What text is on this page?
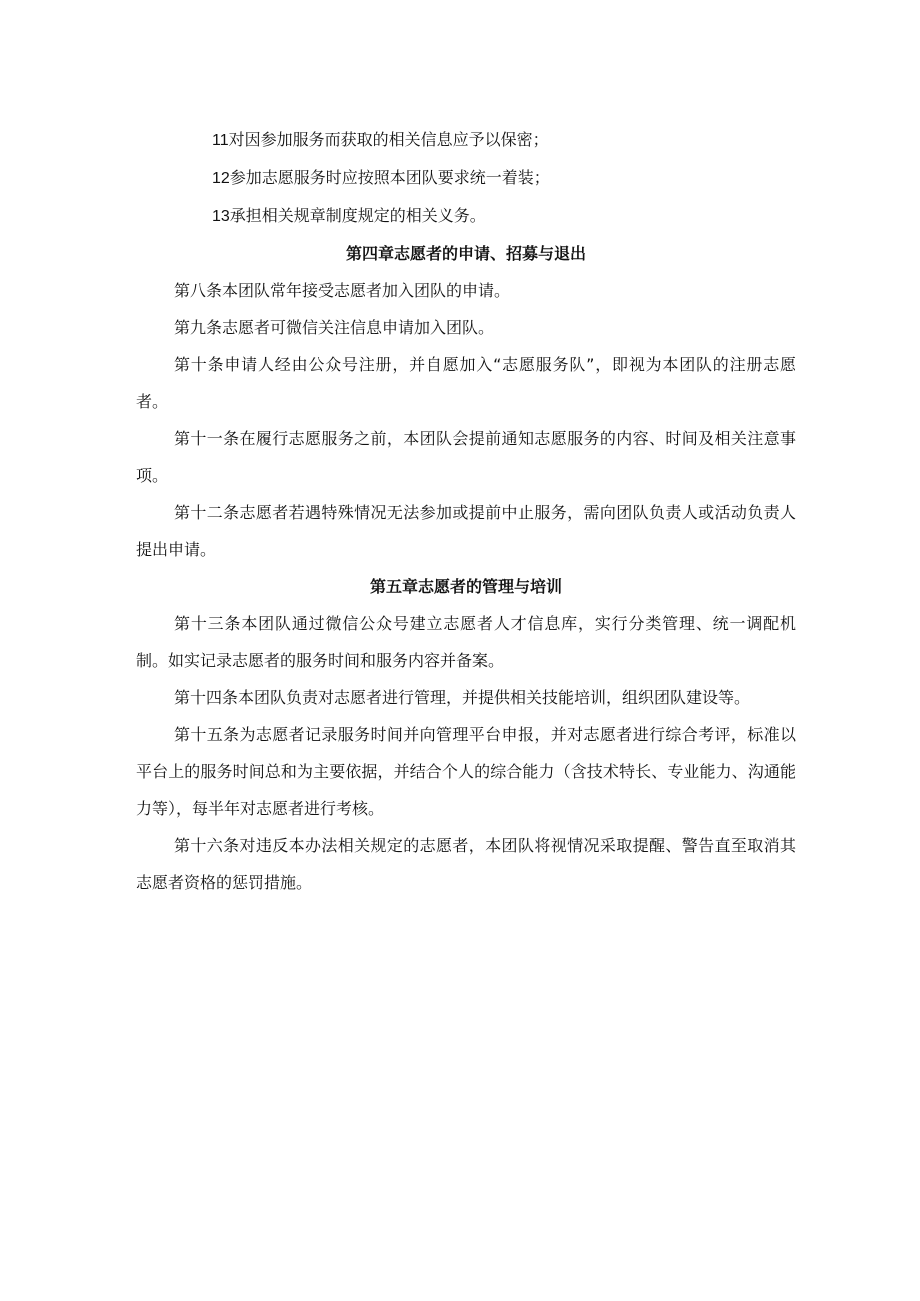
11对因参加服务而获取的相关信息应予以保密；

12参加志愿服务时应按照本团队要求统一着装；

13承担相关规章制度规定的相关义务。

第四章志愿者的申请、招募与退出

第八条本团队常年接受志愿者加入团队的申请。

第九条志愿者可微信关注信息申请加入团队。

第十条申请人经由公众号注册，并自愿加入“志愿服务队”，即视为本团队的注册志愿者。

第十一条在履行志愿服务之前，本团队会提前通知志愿服务的内容、时间及相关注意事项。

第十二条志愿者若遇特殊情况无法参加或提前中止服务，需向团队负责人或活动负责人提出申请。

第五章志愿者的管理与培训

第十三条本团队通过微信公众号建立志愿者人才信息库，实行分类管理、统一调配机制。如实记录志愿者的服务时间和服务内容并备案。

第十四条本团队负责对志愿者进行管理，并提供相关技能培训，组织团队建设等。

第十五条为志愿者记录服务时间并向管理平台申报，并对志愿者进行综合考评，标准以平台上的服务时间总和为主要依据，并结合个人的综合能力（含技术特长、专业能力、沟通能力等），每半年对志愿者进行考核。

第十六条对违反本办法相关规定的志愿者，本团队将视情况采取提醒、警告直至取消其志愿者资格的惩罚措施。
